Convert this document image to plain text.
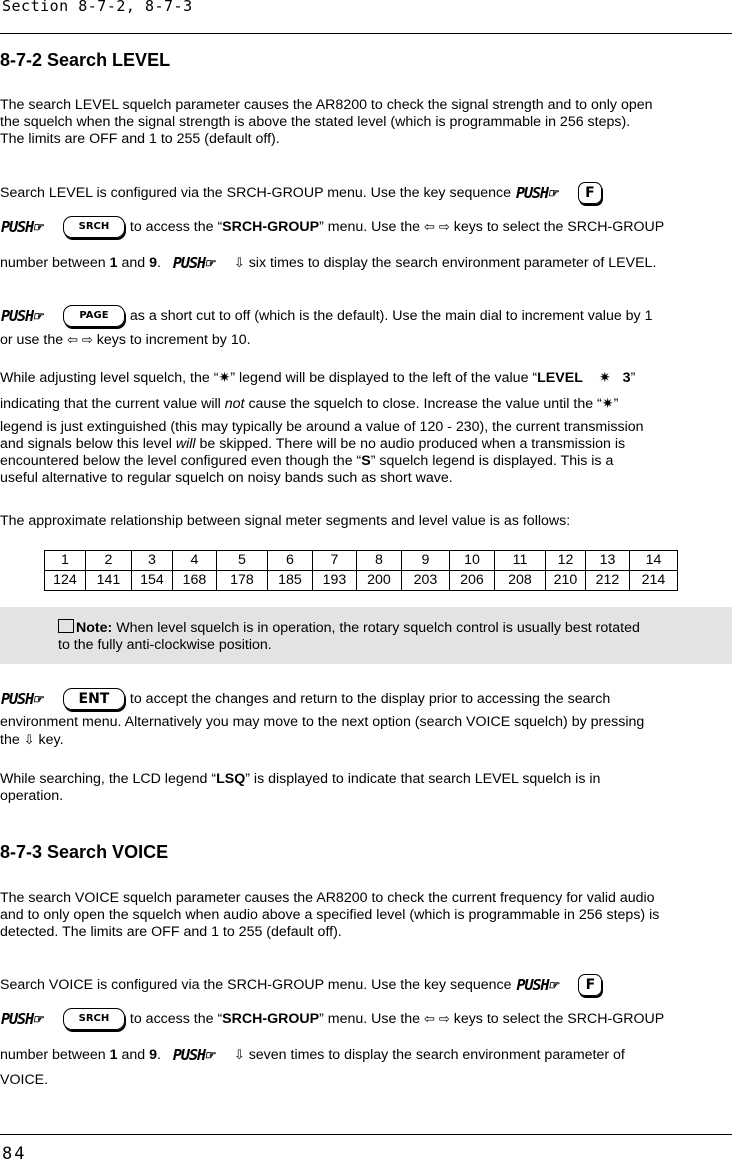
Section 8-7-2, 8-7-3
8-7-2 Search LEVEL
The search LEVEL squelch parameter causes the AR8200 to check the signal strength and to only open
the squelch when the signal strength is above the stated level (which is programmable in 256 steps).
The limits are OFF and 1 to 255 (default off).
Search LEVEL is configured via the SRCH-GROUP menu. Use the key sequence PUSH☞ F
PUSH☞	SRCH to access the “SRCH-GROUP” menu. Use the ⇦ ⇨ keys to select the SRCH-GROUP
number between 1 and 9. PUSH☞ ⇩ six times to display the search environment parameter of LEVEL.
PUSH☞	PAGE as a short cut to off (which is the default). Use the main dial to increment value by 1
or use the ⇦ ⇨ keys to increment by 10.
While adjusting level squelch, the “✷” legend will be displayed to the left of the value “LEVEL ✷ 3”
indicating that the current value will not cause the squelch to close. Increase the value until the “✷”
legend is just extinguished (this may typically be around a value of 120 - 230), the current transmission
and signals below this level will be skipped. There will be no audio produced when a transmission is
encountered below the level configured even though the “S” squelch legend is displayed. This is a
useful alternative to regular squelch on noisy bands such as short wave.
The approximate relationship between signal meter segments and level value is as follows:
1	2	3	4	5	6	7	8	9	10	11	12	13	14
124	141	154	168	178	185	193	200	203	206	208	210	212	214
Note: When level squelch is in operation, the rotary squelch control is usually best rotated
to the fully anti-clockwise position.
PUSH☞	ENT to accept the changes and return to the display prior to accessing the search
environment menu. Alternatively you may move to the next option (search VOICE squelch) by pressing
the ⇩ key.
While searching, the LCD legend “LSQ” is displayed to indicate that search LEVEL squelch is in
operation.
8-7-3 Search VOICE
The search VOICE squelch parameter causes the AR8200 to check the current frequency for valid audio
and to only open the squelch when audio above a specified level (which is programmable in 256 steps) is
detected. The limits are OFF and 1 to 255 (default off).
Search VOICE is configured via the SRCH-GROUP menu. Use the key sequence PUSH☞ F
PUSH☞	SRCH to access the “SRCH-GROUP” menu. Use the ⇦ ⇨ keys to select the SRCH-GROUP
number between 1 and 9. PUSH☞ ⇩ seven times to display the search environment parameter of
VOICE.
84
